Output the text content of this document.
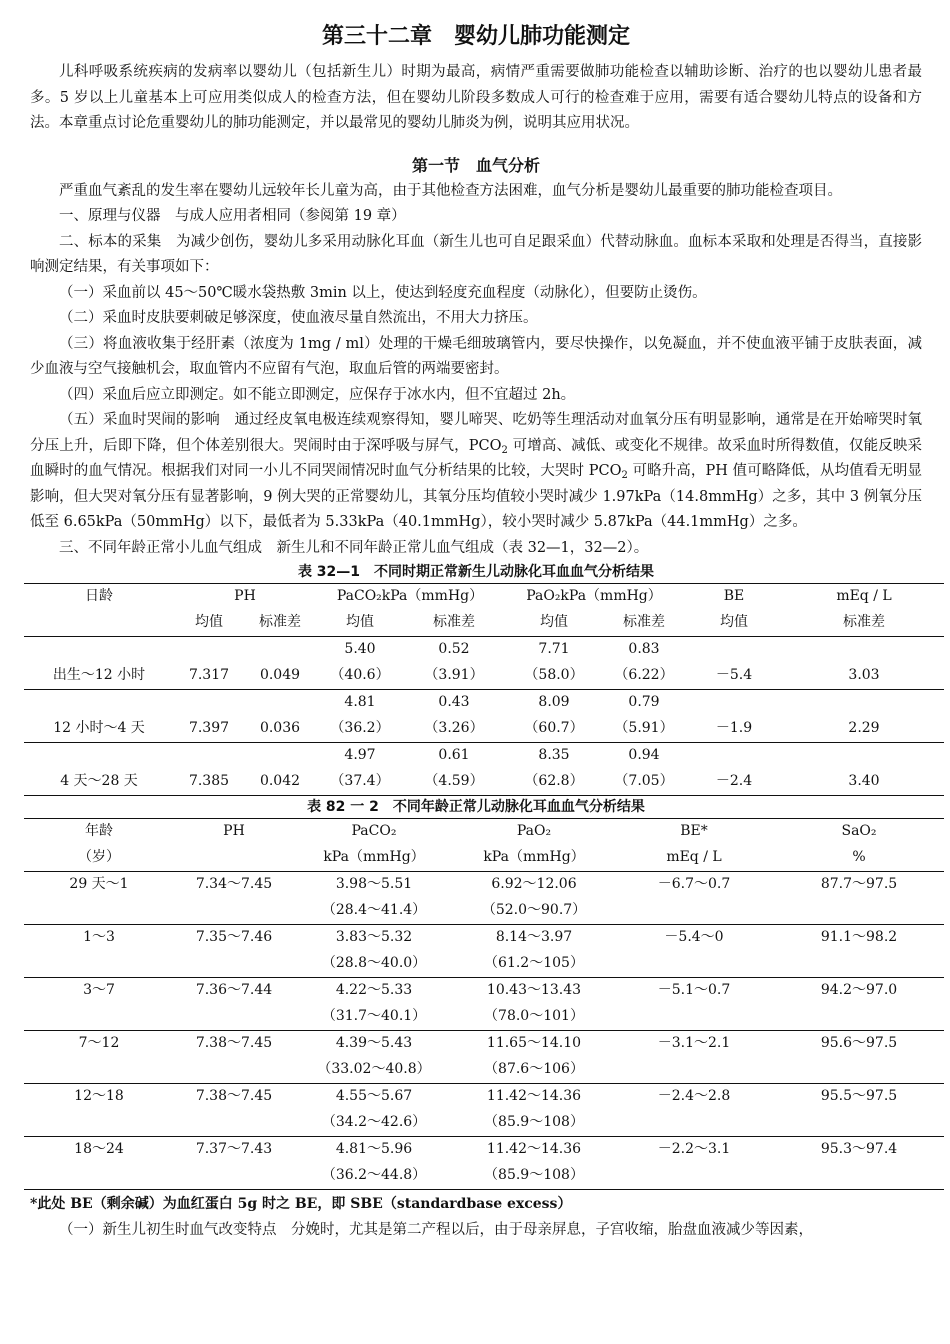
第三十二章　婴幼儿肺功能测定

儿科呼吸系统疾病的发病率以婴幼儿（包括新生儿）时期为最高，病情严重需要做肺功能检查以辅助诊断、治疗的也以婴幼儿患者最多。5 岁以上儿童基本上可应用类似成人的检查方法，但在婴幼儿阶段多数成人可行的检查难于应用，需要有适合婴幼儿特点的设备和方法。本章重点讨论危重婴幼儿的肺功能测定，并以最常见的婴幼儿肺炎为例，说明其应用状况。

第一节　血气分析

严重血气紊乱的发生率在婴幼儿远较年长儿童为高，由于其他检查方法困难，血气分析是婴幼儿最重要的肺功能检查项目。

一、原理与仪器　与成人应用者相同（参阅第 19 章）

二、标本的采集　为减少创伤，婴幼儿多采用动脉化耳血（新生儿也可自足跟采血）代替动脉血。血标本采取和处理是否得当，直接影响测定结果，有关事项如下：

（一）采血前以 45～50℃暖水袋热敷 3min 以上，使达到轻度充血程度（动脉化），但要防止烫伤。

（二）采血时皮肤要刺破足够深度，使血液尽量自然流出，不用大力挤压。

（三）将血液收集于经肝素（浓度为 1mg / ml）处理的干燥毛细玻璃管内，要尽快操作，以免凝血，并不使血液平铺于皮肤表面，减少血液与空气接触机会，取血管内不应留有气泡，取血后管的两端要密封。

（四）采血后应立即测定。如不能立即测定，应保存于冰水内，但不宜超过 2h。

（五）采血时哭闹的影响　通过经皮氧电极连续观察得知，婴儿啼哭、吃奶等生理活动对血氧分压有明显影响，通常是在开始啼哭时氧分压上升，后即下降，但个体差别很大。哭闹时由于深呼吸与屏气，$PCO_2$ 可增高、减低、或变化不规律。故采血时所得数值，仅能反映采血瞬时的血气情况。根据我们对同一小儿不同哭闹情况时血气分析结果的比较，大哭时 $PCO_2$ 可略升高，PH 值可略降低，从均值看无明显影响，但大哭对氧分压有显著影响，9 例大哭的正常婴幼儿，其氧分压均值较小哭时减少 1.97kPa（14.8mmHg）之多，其中 3 例氧分压低至 6.65kPa（50mmHg）以下，最低者为 5.33kPa（40.1mmHg），较小哭时减少 5.87kPa（44.1mmHg）之多。

三、不同年龄正常小儿血气组成　新生儿和不同年龄正常儿血气组成（表 32—1，32—2）。

表 32—1　不同时期正常新生儿动脉化耳血血气分析结果
日龄	PH		PaCO₂kPa（mmHg）		PaO₂kPa（mmHg）		BE	mEq / L
	均值	标准差	均值	标准差	均值	标准差	均值	标准差
			5.40	0.52	7.71	0.83		
出生～12 小时	7.317	0.049	（40.6）	（3.91）	（58.0）	（6.22）	－5.4	3.03
			4.81	0.43	8.09	0.79		
12 小时～4 天	7.397	0.036	（36.2）	（3.26）	（60.7）	（5.91）	－1.9	2.29
			4.97	0.61	8.35	0.94		
4 天～28 天	7.385	0.042	（37.4）	（4.59）	（62.8）	（7.05）	－2.4	3.40
表 82 一 2　不同年龄正常儿动脉化耳血血气分析结果
年龄	PH	PaCO₂	PaO₂	BE*	SaO₂
（岁）		kPa（mmHg）	kPa（mmHg）	mEq / L	%
29 天～1	7.34～7.45	3.98～5.51	6.92～12.06	－6.7～0.7	87.7～97.5
		（28.4～41.4）	（52.0～90.7）		
1～3	7.35～7.46	3.83～5.32	8.14～3.97	－5.4～0	91.1～98.2
		（28.8～40.0）	（61.2～105）		
3～7	7.36～7.44	4.22～5.33	10.43～13.43	－5.1～0.7	94.2～97.0
		（31.7～40.1）	（78.0～101）		
7～12	7.38～7.45	4.39～5.43	11.65～14.10	－3.1～2.1	95.6～97.5
		（33.02～40.8）	（87.6～106）		
12～18	7.38～7.45	4.55～5.67	11.42～14.36	－2.4～2.8	95.5～97.5
		（34.2～42.6）	（85.9～108）		
18～24	7.37～7.43	4.81～5.96	11.42～14.36	－2.2～3.1	95.3～97.4
		（36.2～44.8）	（85.9～108）		

*此处 BE（剩余碱）为血红蛋白 5g 时之 BE，即 SBE（standardbase excess）

（一）新生儿初生时血气改变特点　分娩时，尤其是第二产程以后，由于母亲屏息，子宫收缩，胎盘血液减少等因素，
